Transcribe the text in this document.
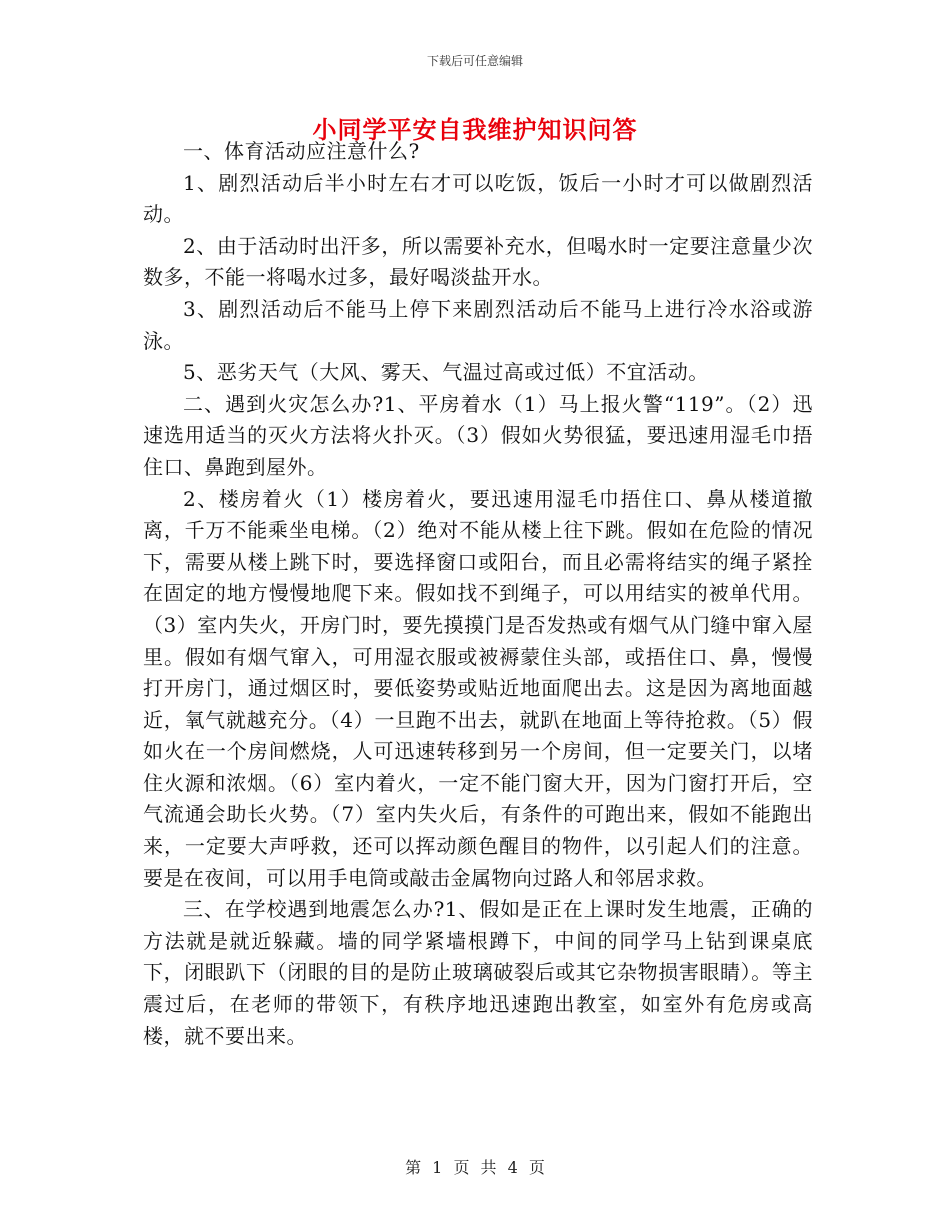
下载后可任意编辑
小同学平安自我维护知识问答

一、体育活动应注意什么?

1、剧烈活动后半小时左右才可以吃饭，饭后一小时才可以做剧烈活动。

2、由于活动时出汗多，所以需要补充水，但喝水时一定要注意量少次数多，不能一将喝水过多，最好喝淡盐开水。

3、剧烈活动后不能马上停下来剧烈活动后不能马上进行冷水浴或游泳。

5、恶劣天气（大风、雾天、气温过高或过低）不宜活动。

二、遇到火灾怎么办?1、平房着水（1）马上报火警“119”。（2）迅速选用适当的灭火方法将火扑灭。（3）假如火势很猛，要迅速用湿毛巾捂住口、鼻跑到屋外。

2、楼房着火（1）楼房着火，要迅速用湿毛巾捂住口、鼻从楼道撤离，千万不能乘坐电梯。（2）绝对不能从楼上往下跳。假如在危险的情况下，需要从楼上跳下时，要选择窗口或阳台，而且必需将结实的绳子紧拴在固定的地方慢慢地爬下来。假如找不到绳子，可以用结实的被单代用。（3）室内失火，开房门时，要先摸摸门是否发热或有烟气从门缝中窜入屋里。假如有烟气窜入，可用湿衣服或被褥蒙住头部，或捂住口、鼻，慢慢打开房门，通过烟区时，要低姿势或贴近地面爬出去。这是因为离地面越近，氧气就越充分。（4）一旦跑不出去，就趴在地面上等待抢救。（5）假如火在一个房间燃烧，人可迅速转移到另一个房间，但一定要关门，以堵住火源和浓烟。（6）室内着火，一定不能门窗大开，因为门窗打开后，空气流通会助长火势。（7）室内失火后，有条件的可跑出来，假如不能跑出来，一定要大声呼救，还可以挥动颜色醒目的物件，以引起人们的注意。要是在夜间，可以用手电筒或敲击金属物向过路人和邻居求救。

三、在学校遇到地震怎么办?1、假如是正在上课时发生地震，正确的方法就是就近躲藏。墙的同学紧墙根蹲下，中间的同学马上钻到课桌底下，闭眼趴下（闭眼的目的是防止玻璃破裂后或其它杂物损害眼睛）。等主震过后，在老师的带领下，有秩序地迅速跑出教室，如室外有危房或高楼，就不要出来。

第 1 页 共 4 页
